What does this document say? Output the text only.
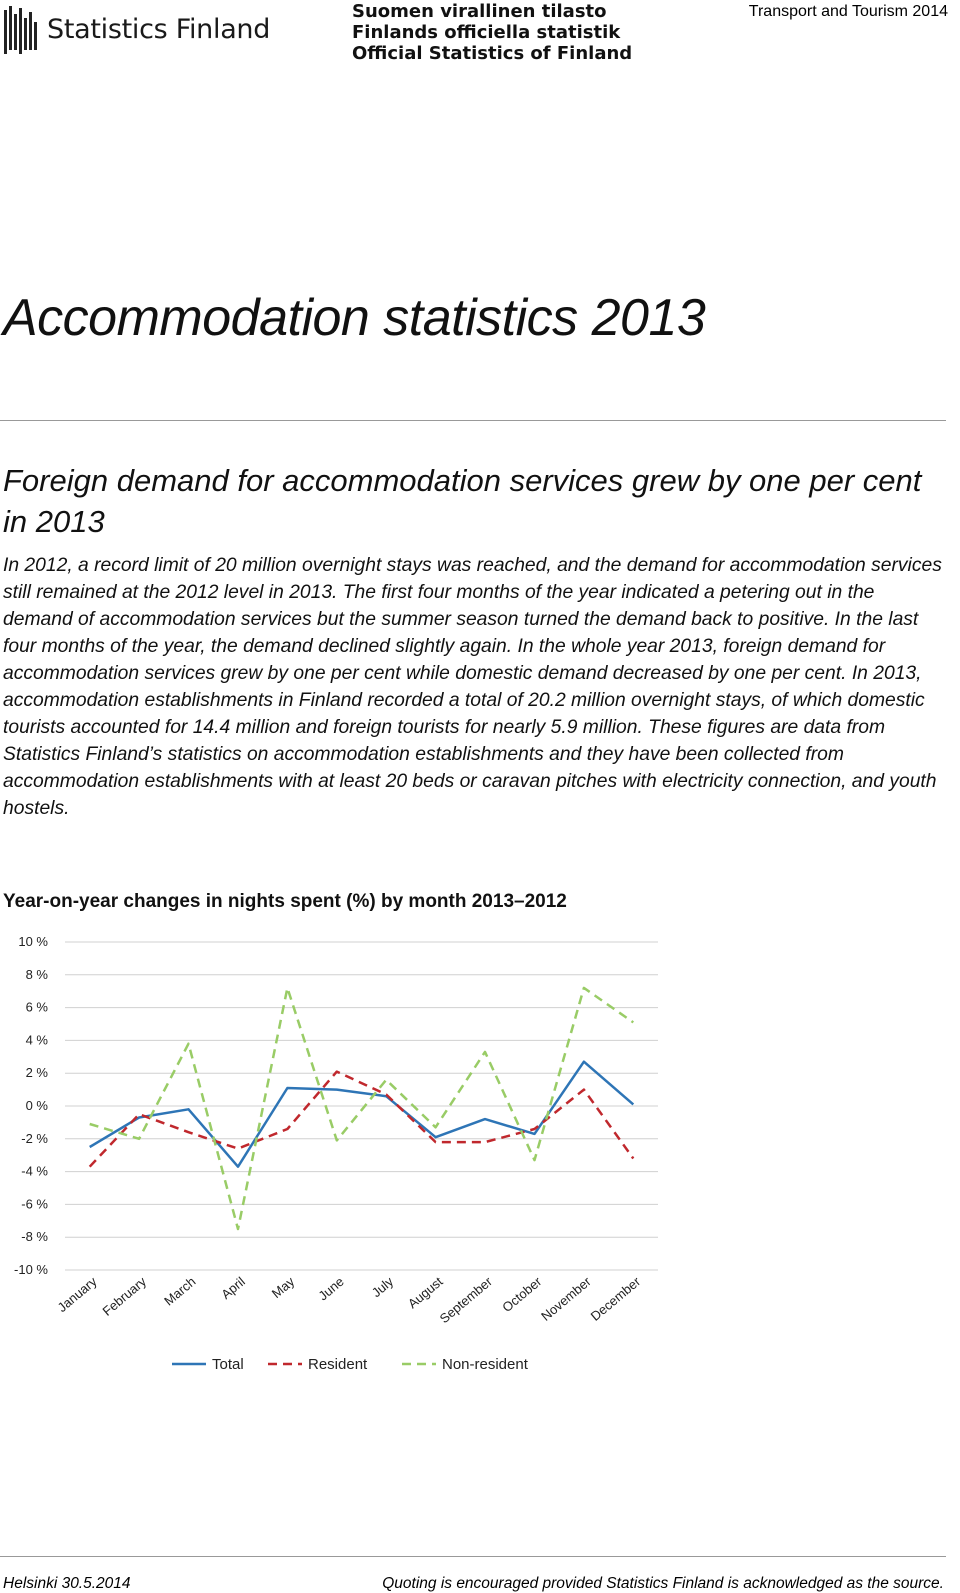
Statistics Finland
Suomen virallinen tilasto
Finlands officiella statistik
Official Statistics of Finland
Transport and Tourism 2014
Accommodation statistics 2013
Foreign demand for accommodation services grew by one per cent in 2013

In 2012, a record limit of 20 million overnight stays was reached, and the demand for accommodation services still remained at the 2012 level in 2013. The first four months of the year indicated a petering out in the demand of accommodation services but the summer season turned the demand back to positive. In the last four months of the year, the demand declined slightly again. In the whole year 2013, foreign demand for accommodation services grew by one per cent while domestic demand decreased by one per cent. In 2013, accommodation establishments in Finland recorded a total of 20.2 million overnight stays, of which domestic tourists accounted for 14.4 million and foreign tourists for nearly 5.9 million. These figures are data from Statistics Finland’s statistics on accommodation establishments and they have been collected from accommodation establishments with at least 20 beds or caravan pitches with electricity connection, and youth hostels.

Year-on-year changes in nights spent (%) by month 2013–2012
10 %
8 %
6 %
4 %
2 %
0 %
-2 %
-4 %
-6 %
-8 %
-10 %
January February March April May June July August
September October
November
December
Total	Resident	Non-resident
Helsinki 30.5.2014	Quoting is encouraged provided Statistics Finland is acknowledged as the source.
